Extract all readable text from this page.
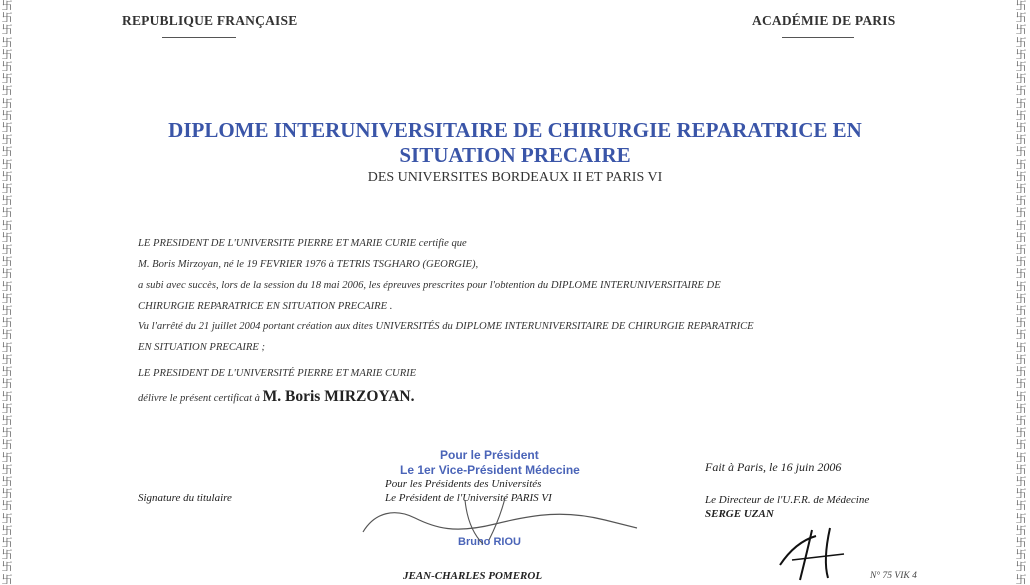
卐
卐
卐
卐
卐
卐
卐
卐
卐
卐
卐
卐
卐
卐
卐
卐
卐
卐
卐
卐
卐
卐
卐
卐
卐
卐
卐
卐
卐
卐
卐
卐
卐
卐
卐
卐
卐
卐
卐
卐
卐
卐
卐
卐
卐
卐
卐
卐
卐
卐
卐
卐
卐
卐
卐
卐
卐
卐
卐
卐
卐
卐
卐
卐
卐
卐
卐
卐
卐
卐
卐
卐
卐
卐
卐
卐
卐
卐
卐
卐
卐
卐
卐
卐
卐
卐
卐
卐
卐
卐
卐
卐
卐
卐
卐
卐
REPUBLIQUE FRANÇAISE	ACADÉMIE DE PARIS
DIPLOME INTERUNIVERSITAIRE DE CHIRURGIE REPARATRICE EN
SITUATION PRECAIRE
DES UNIVERSITES BORDEAUX II ET PARIS VI
LE PRESIDENT DE L'UNIVERSITE PIERRE ET MARIE CURIE certifie que
M. Boris Mirzoyan, né le 19 FEVRIER 1976 à TETRIS TSGHARO (GEORGIE),
a subi avec succès, lors de la session du 18 mai 2006, les épreuves prescrites pour l'obtention du DIPLOME INTERUNIVERSITAIRE DE
CHIRURGIE REPARATRICE EN SITUATION PRECAIRE .
Vu l'arrêté du 21 juillet 2004 portant création aux dites UNIVERSITÉS du DIPLOME INTERUNIVERSITAIRE DE CHIRURGIE REPARATRICE
EN SITUATION PRECAIRE ;
LE PRESIDENT DE L'UNIVERSITÉ PIERRE ET MARIE CURIE
délivre le présent certificat à M. Boris MIRZOYAN.
Pour le Président
Le 1er Vice-Président Médecine
Bruno RIOU
Signature du titulaire
Pour les Présidents des Universités
Le Président de l'Université PARIS VI
JEAN-CHARLES POMEROL
Fait à Paris, le 16 juin 2006
Le Directeur de l'U.F.R. de Médecine
SERGE UZAN
N° 75 VIK 4
